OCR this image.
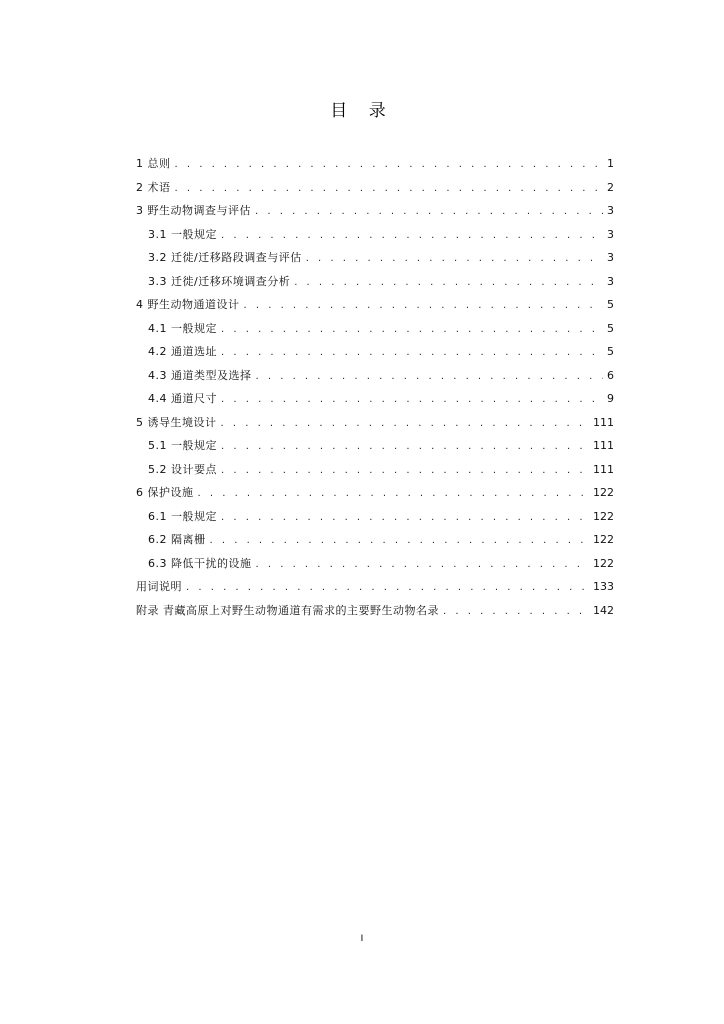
目 录
1 总则 . . .	1
2 术语 . . .	2
3 野生动物调查与评估 . . .	3
3.1 一般规定 . . .	3
3.2 迁徙/迁移路段调查与评估 . . .	3
3.3 迁徙/迁移环境调查分析 . . .	3
4 野生动物通道设计 . . .	5
4.1 一般规定 . . .	5
4.2 通道选址 . . .	5
4.3 通道类型及选择 . . .	6
4.4 通道尺寸 . . .	9
5 诱导生境设计 . . .	111
5.1 一般规定 . . .	111
5.2 设计要点 . . .	111
6 保护设施 . . .	122
6.1 一般规定 . . .	122
6.2 隔离栅 . . .	122
6.3 降低干扰的设施 . . .	122
用词说明 . . .	133
附录 青藏高原上对野生动物通道有需求的主要野生动物名录 . . .	142
I
